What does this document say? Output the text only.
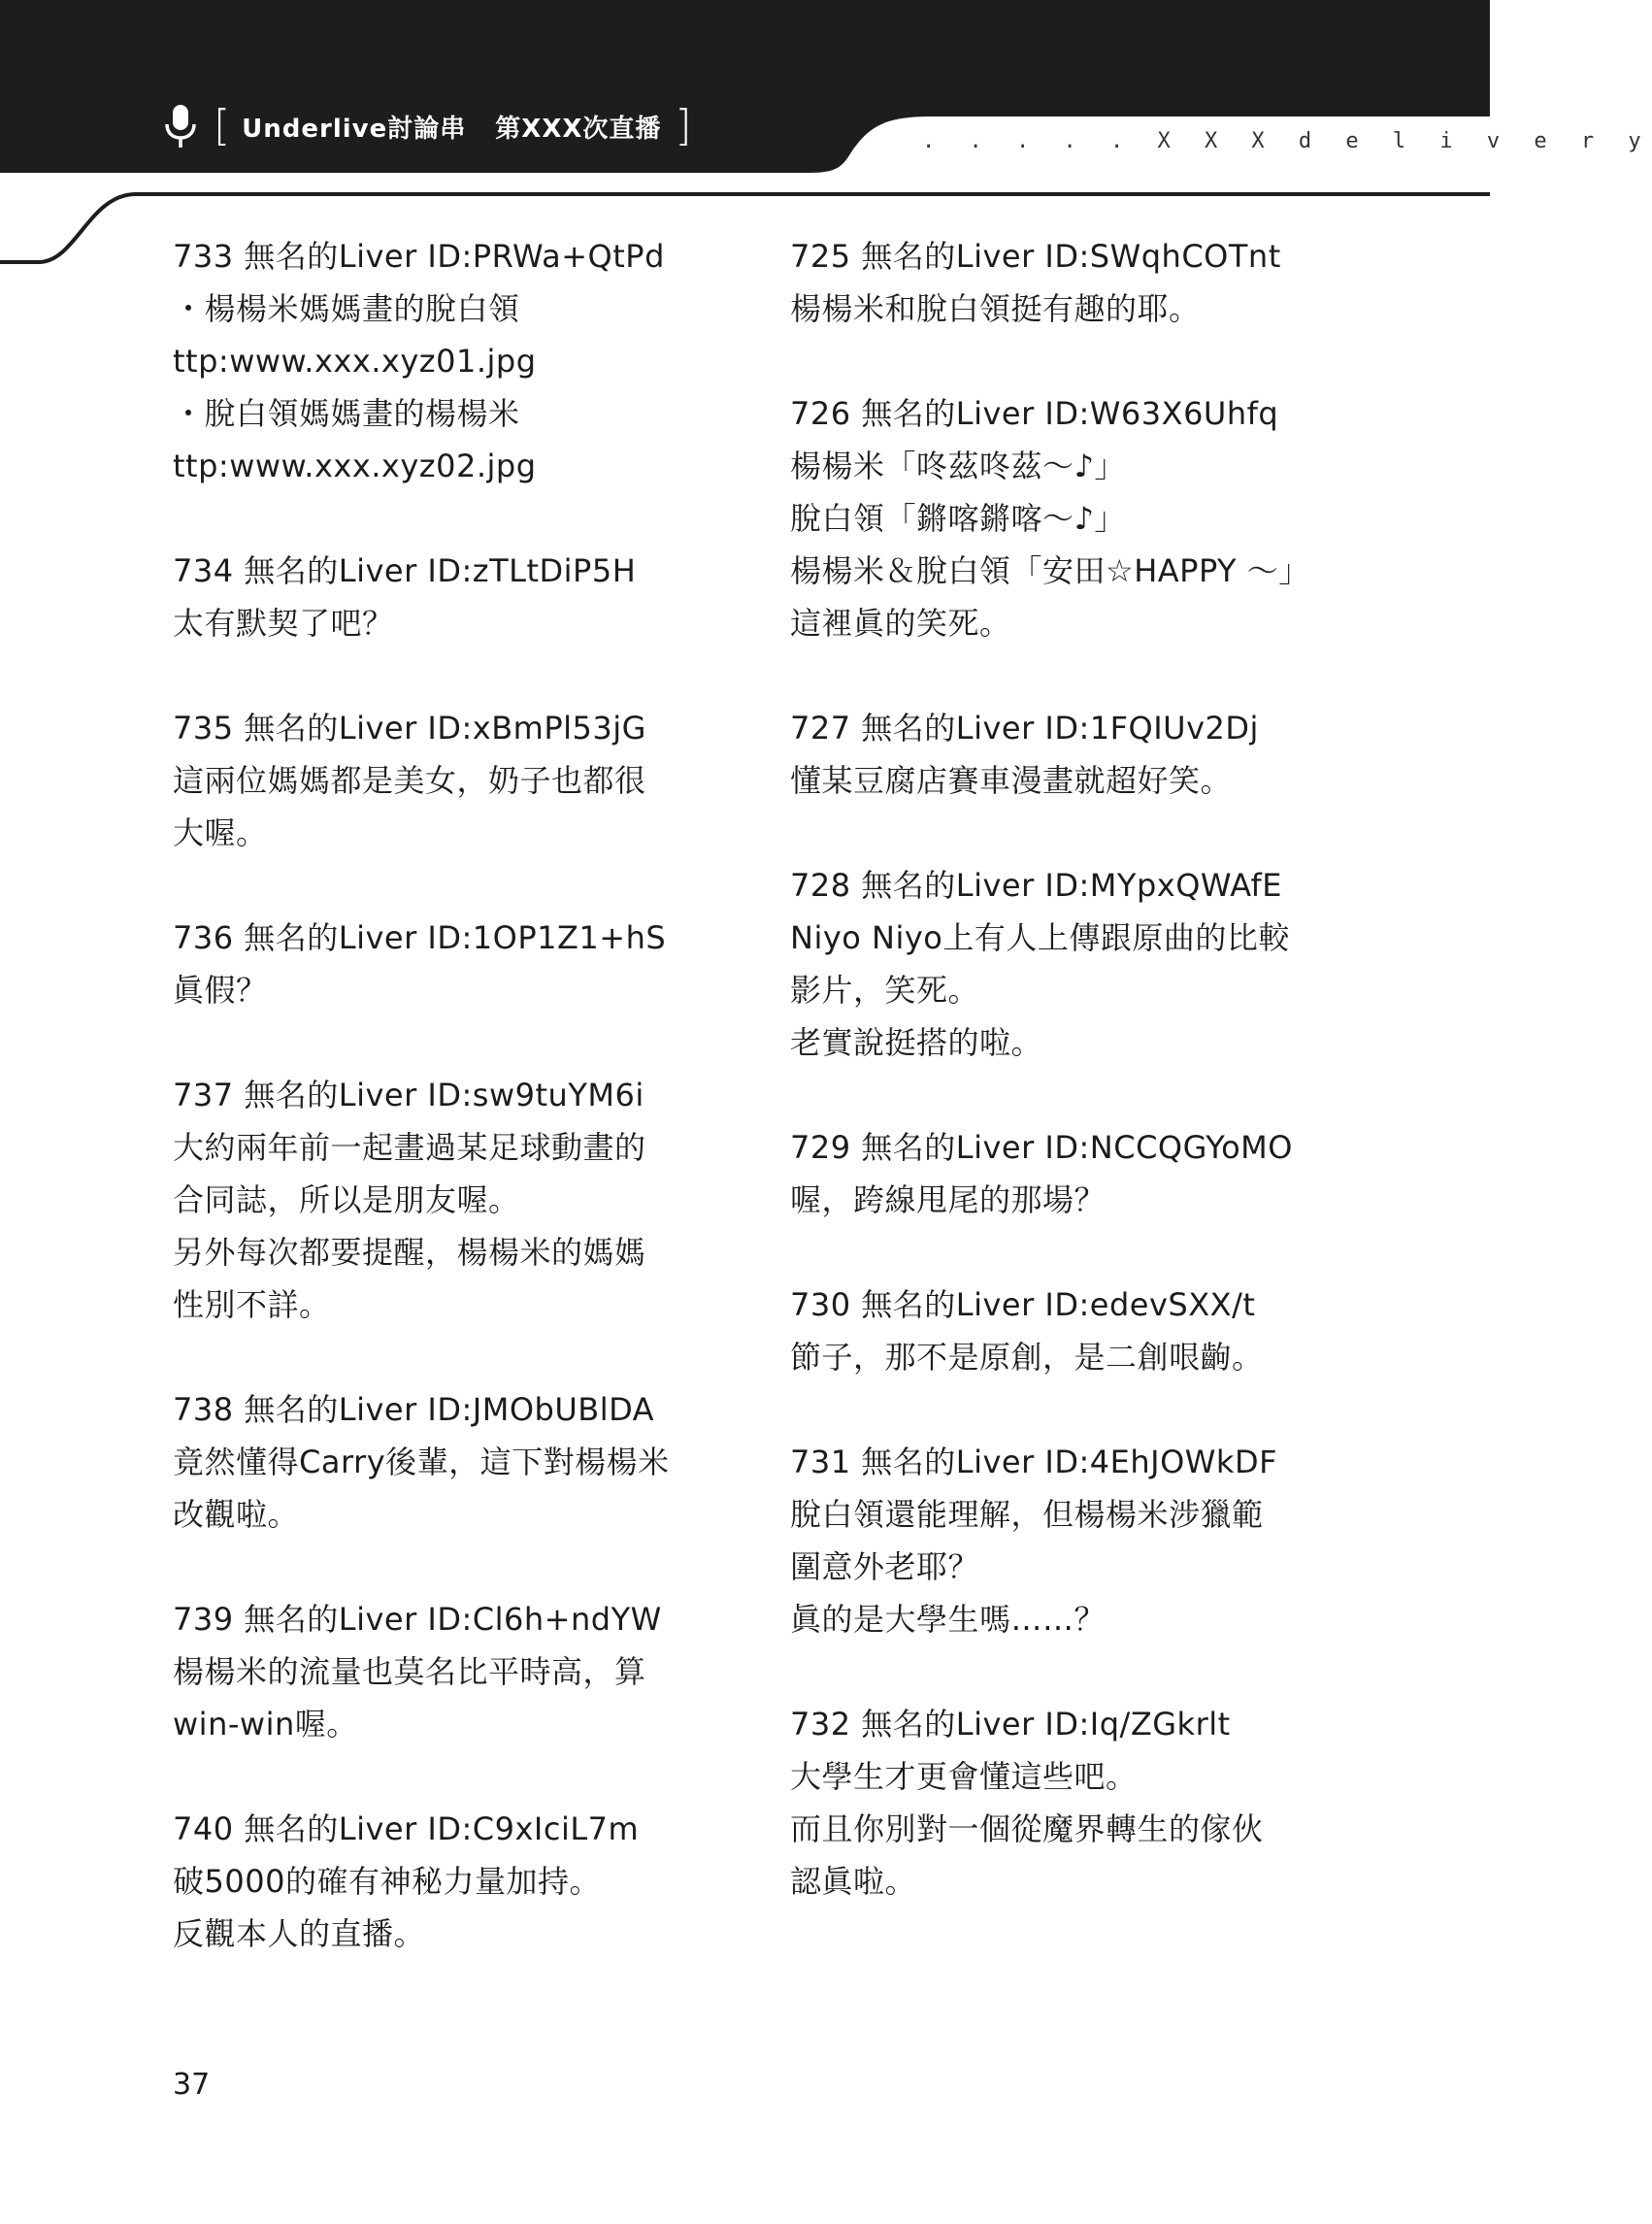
[ Underlive討論串 第XXX次直播 ]	. . . . . X X X d e l i v e r y
733 無名的Liver ID:PRWa+QtPd
・楊楊米媽媽畫的脫白領
ttp:www.xxx.xyz01.jpg
・脫白領媽媽畫的楊楊米
ttp:www.xxx.xyz02.jpg
734 無名的Liver ID:zTLtDiP5H
太有默契了吧？
735 無名的Liver ID:xBmPl53jG
這兩位媽媽都是美女，奶子也都很
大喔。
736 無名的Liver ID:1OP1Z1+hS
眞假？
737 無名的Liver ID:sw9tuYM6i
大約兩年前一起畫過某足球動畫的
合同誌，所以是朋友喔。
另外每次都要提醒，楊楊米的媽媽
性別不詳。
738 無名的Liver ID:JMObUBlDA
竟然懂得Carry後輩，這下對楊楊米
改觀啦。
739 無名的Liver ID:Cl6h+ndYW
楊楊米的流量也莫名比平時高，算
win-win喔。
740 無名的Liver ID:C9xIciL7m
破5000的確有神秘力量加持。
反觀本人的直播。
725 無名的Liver ID:SWqhCOTnt
楊楊米和脫白領挺有趣的耶。
726 無名的Liver ID:W63X6Uhfq
楊楊米「咚茲咚茲～♪」
脫白領「鏘喀鏘喀～♪」
楊楊米＆脫白領「安田☆HAPPY ～」
這裡眞的笑死。
727 無名的Liver ID:1FQIUv2Dj
懂某豆腐店賽車漫畫就超好笑。
728 無名的Liver ID:MYpxQWAfE
Niyo Niyo上有人上傳跟原曲的比較
影片，笑死。
老實說挺搭的啦。
729 無名的Liver ID:NCCQGYoMO
喔，跨線甩尾的那場？
730 無名的Liver ID:edevSXX/t
節子，那不是原創，是二創哏齣。
731 無名的Liver ID:4EhJOWkDF
脫白領還能理解，但楊楊米涉獵範
圍意外老耶？
眞的是大學生嗎……？
732 無名的Liver ID:Iq/ZGkrlt
大學生才更會懂這些吧。
而且你別對一個從魔界轉生的傢伙
認眞啦。
37
